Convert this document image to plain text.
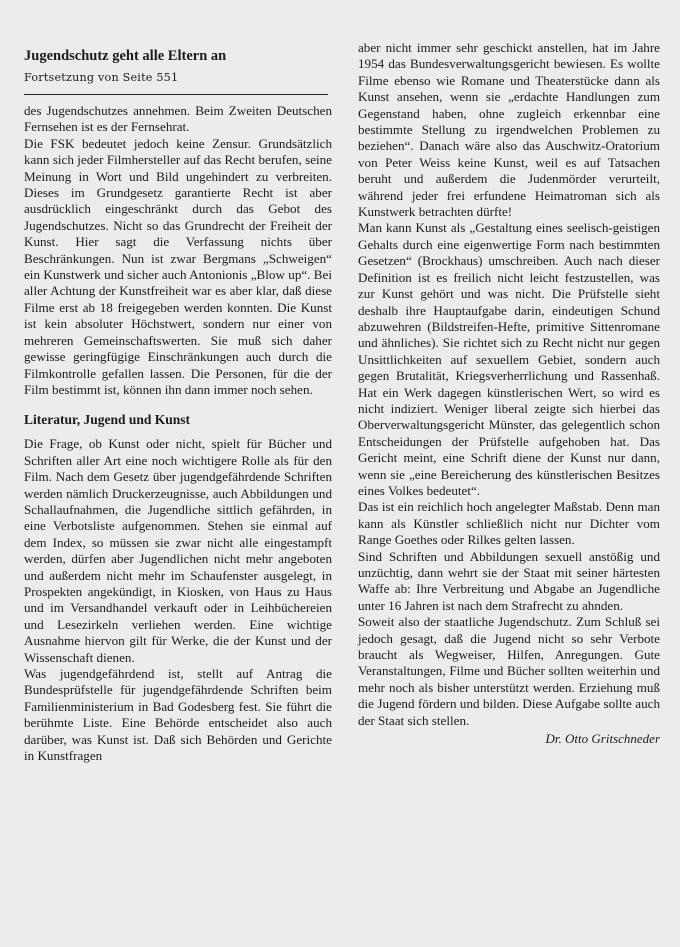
Jugendschutz geht alle Eltern an
Fortsetzung von Seite 551

des Jugendschutzes annehmen. Beim Zweiten Deutschen Fernsehen ist es der Fernsehrat.

Die FSK bedeutet jedoch keine Zensur. Grundsätzlich kann sich jeder Filmhersteller auf das Recht berufen, seine Meinung in Wort und Bild ungehindert zu verbreiten. Dieses im Grundgesetz garantierte Recht ist aber ausdrücklich eingeschränkt durch das Gebot des Jugendschutzes. Nicht so das Grundrecht der Freiheit der Kunst. Hier sagt die Verfassung nichts über Beschränkungen. Nun ist zwar Bergmans „Schweigen“ ein Kunstwerk und sicher auch Antonionis „Blow up“. Bei aller Achtung der Kunstfreiheit war es aber klar, daß diese Filme erst ab 18 freigegeben werden konnten. Die Kunst ist kein absoluter Höchstwert, sondern nur einer von mehreren Gemeinschaftswerten. Sie muß sich daher gewisse geringfügige Einschränkungen auch durch die Filmkontrolle gefallen lassen. Die Personen, für die der Film bestimmt ist, können ihn dann immer noch sehen.

Literatur, Jugend und Kunst

Die Frage, ob Kunst oder nicht, spielt für Bücher und Schriften aller Art eine noch wichtigere Rolle als für den Film. Nach dem Gesetz über jugendgefährdende Schriften werden nämlich Druckerzeugnisse, auch Abbildungen und Schallaufnahmen, die Jugendliche sittlich gefährden, in eine Verbotsliste aufgenommen. Stehen sie einmal auf dem Index, so müssen sie zwar nicht alle eingestampft werden, dürfen aber Jugendlichen nicht mehr angeboten und außerdem nicht mehr im Schaufenster ausgelegt, in Prospekten angekündigt, in Kiosken, von Haus zu Haus und im Versandhandel verkauft oder in Leihbüchereien und Lesezirkeln verliehen werden. Eine wichtige Ausnahme hiervon gilt für Werke, die der Kunst und der Wissenschaft dienen.

Was jugendgefährdend ist, stellt auf Antrag die Bundesprüfstelle für jugendgefährdende Schriften beim Familienministerium in Bad Godesberg fest. Sie führt die berühmte Liste. Eine Behörde entscheidet also auch darüber, was Kunst ist. Daß sich Behörden und Gerichte in Kunstfragen

aber nicht immer sehr geschickt anstellen, hat im Jahre 1954 das Bundesverwaltungsgericht bewiesen. Es wollte Filme ebenso wie Romane und Theaterstücke dann als Kunst ansehen, wenn sie „erdachte Handlungen zum Gegenstand haben, ohne zugleich erkennbar eine bestimmte Stellung zu irgendwelchen Problemen zu beziehen“. Danach wäre also das Auschwitz-Oratorium von Peter Weiss keine Kunst, weil es auf Tatsachen beruht und außerdem die Judenmörder verurteilt, während jeder frei erfundene Heimatroman sich als Kunstwerk betrachten dürfte!

Man kann Kunst als „Gestaltung eines seelisch-geistigen Gehalts durch eine eigenwertige Form nach bestimmten Gesetzen“ (Brockhaus) umschreiben. Auch nach dieser Definition ist es freilich nicht leicht festzustellen, was zur Kunst gehört und was nicht. Die Prüfstelle sieht deshalb ihre Hauptaufgabe darin, eindeutigen Schund abzuwehren (Bildstreifen-Hefte, primitive Sittenromane und ähnliches). Sie richtet sich zu Recht nicht nur gegen Unsittlichkeiten auf sexuellem Gebiet, sondern auch gegen Brutalität, Kriegsverherrlichung und Rassenhaß. Hat ein Werk dagegen künstlerischen Wert, so wird es nicht indiziert. Weniger liberal zeigte sich hierbei das Oberverwaltungsgericht Münster, das gelegentlich schon Entscheidungen der Prüfstelle aufgehoben hat. Das Gericht meint, eine Schrift diene der Kunst nur dann, wenn sie „eine Bereicherung des künstlerischen Besitzes eines Volkes bedeutet“.

Das ist ein reichlich hoch angelegter Maßstab. Denn man kann als Künstler schließlich nicht nur Dichter vom Range Goethes oder Rilkes gelten lassen.

Sind Schriften und Abbildungen sexuell anstößig und unzüchtig, dann wehrt sie der Staat mit seiner härtesten Waffe ab: Ihre Verbreitung und Abgabe an Jugendliche unter 16 Jahren ist nach dem Strafrecht zu ahnden.

Soweit also der staatliche Jugendschutz. Zum Schluß sei jedoch gesagt, daß die Jugend nicht so sehr Verbote braucht als Wegweiser, Hilfen, Anregungen. Gute Veranstaltungen, Filme und Bücher sollten weiterhin und mehr noch als bisher unterstützt werden. Erziehung muß die Jugend fördern und bilden. Diese Aufgabe sollte auch der Staat sich stellen.

Dr. Otto Gritschneder
